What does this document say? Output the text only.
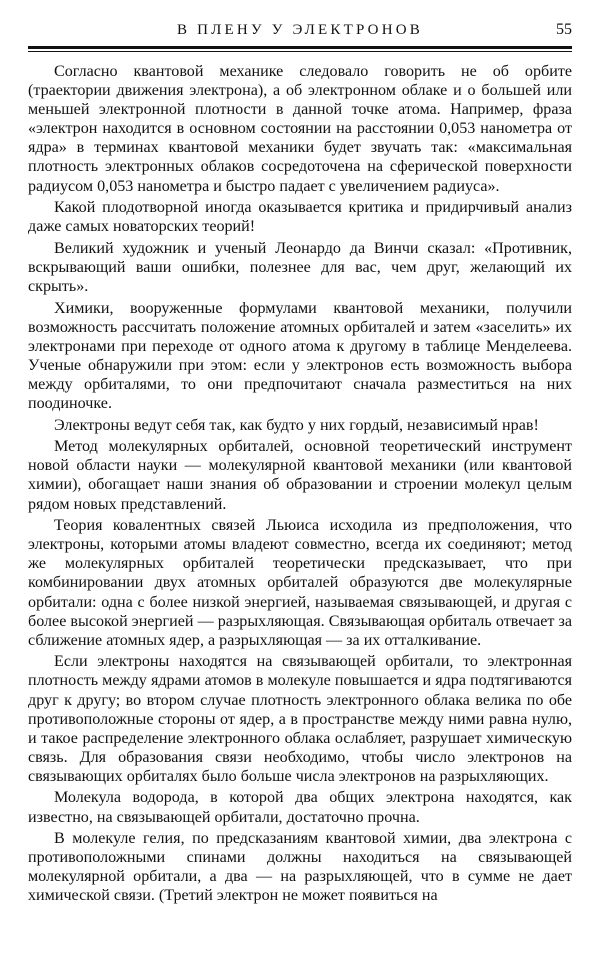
В ПЛЕНУ У ЭЛЕКТРОНОВ	55

Согласно квантовой механике следовало говорить не об орбите (траектории движения электрона), а об электронном облаке и о большей или меньшей электронной плотности в данной точке атома. Например, фраза «электрон находится в основном состоянии на расстоянии 0,053 нанометра от ядра» в терминах квантовой механики будет звучать так: «максимальная плотность электронных облаков сосредоточена на сферической поверхности радиусом 0,053 нанометра и быстро падает с увеличением радиуса».

Какой плодотворной иногда оказывается критика и придирчивый анализ даже самых новаторских теорий!

Великий художник и ученый Леонардо да Винчи сказал: «Противник, вскрывающий ваши ошибки, полезнее для вас, чем друг, желающий их скрыть».

Химики, вооруженные формулами квантовой механики, получили возможность рассчитать положение атомных орбиталей и затем «заселить» их электронами при переходе от одного атома к другому в таблице Менделеева. Ученые обнаружили при этом: если у электронов есть возможность выбора между орбиталями, то они предпочитают сначала разместиться на них поодиночке.

Электроны ведут себя так, как будто у них гордый, независимый нрав!

Метод молекулярных орбиталей, основной теоретический инструмент новой области науки — молекулярной квантовой механики (или квантовой химии), обогащает наши знания об образовании и строении молекул целым рядом новых представлений.

Теория ковалентных связей Льюиса исходила из предположения, что электроны, которыми атомы владеют совместно, всегда их соединяют; метод же молекулярных орбиталей теоретически предсказывает, что при комбинировании двух атомных орбиталей образуются две молекулярные орбитали: одна с более низкой энергией, называемая связывающей, и другая с более высокой энергией — разрыхляющая. Связывающая орбиталь отвечает за сближение атомных ядер, а разрыхляющая — за их отталкивание.

Если электроны находятся на связывающей орбитали, то электронная плотность между ядрами атомов в молекуле повышается и ядра подтягиваются друг к другу; во втором случае плотность электронного облака велика по обе противоположные стороны от ядер, а в пространстве между ними равна нулю, и такое распределение электронного облака ослабляет, разрушает химическую связь. Для образования связи необходимо, чтобы число электронов на связывающих орбиталях было больше числа электронов на разрыхляющих.

Молекула водорода, в которой два общих электрона находятся, как известно, на связывающей орбитали, достаточно прочна.

В молекуле гелия, по предсказаниям квантовой химии, два электрона с противоположными спинами должны находиться на связывающей молекулярной орбитали, а два — на разрыхляющей, что в сумме не дает химической связи. (Третий электрон не может появиться на
